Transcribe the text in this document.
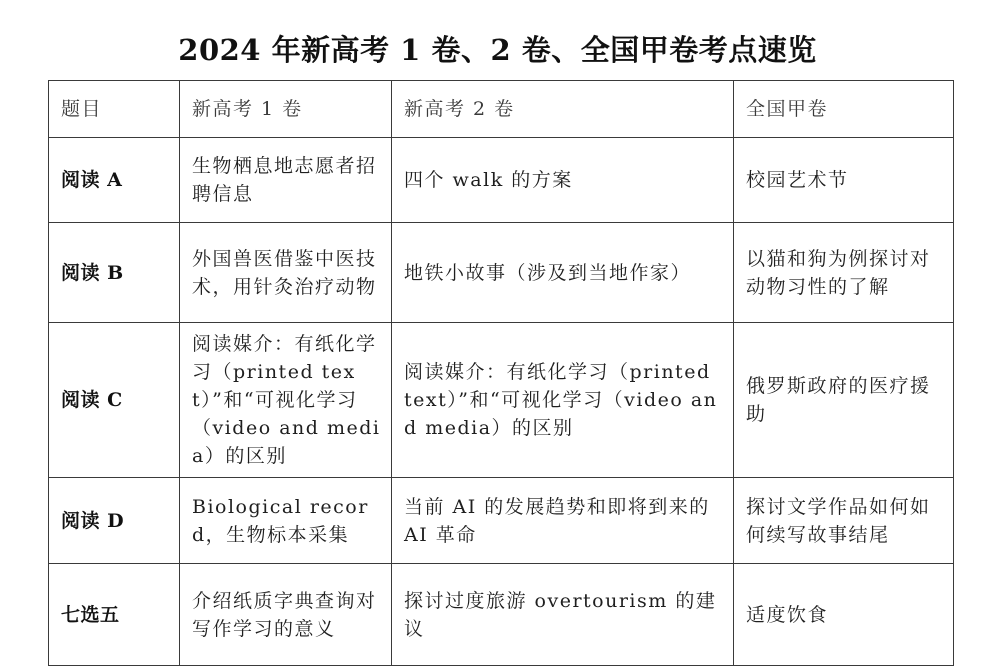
2024 年新高考 1 卷、2 卷、全国甲卷考点速览
题目	新高考 1 卷	新高考 2 卷	全国甲卷
阅读 A	生物栖息地志愿者招聘信息	四个 walk 的方案	校园艺术节
阅读 B	外国兽医借鉴中医技术，用针灸治疗动物	地铁小故事（涉及到当地作家）	以猫和狗为例探讨对动物习性的了解
阅读 C	阅读媒介：有纸化学习（printed text）”和“可视化学习（video and media）的区别	阅读媒介：有纸化学习（printed text）”和“可视化学习（video and media）的区别	俄罗斯政府的医疗援助
阅读 D	Biological record，生物标本采集	当前 AI 的发展趋势和即将到来的 AI 革命	探讨文学作品如何如何续写故事结尾
七选五	介绍纸质字典查询对写作学习的意义	探讨过度旅游 overtourism 的建议	适度饮食
